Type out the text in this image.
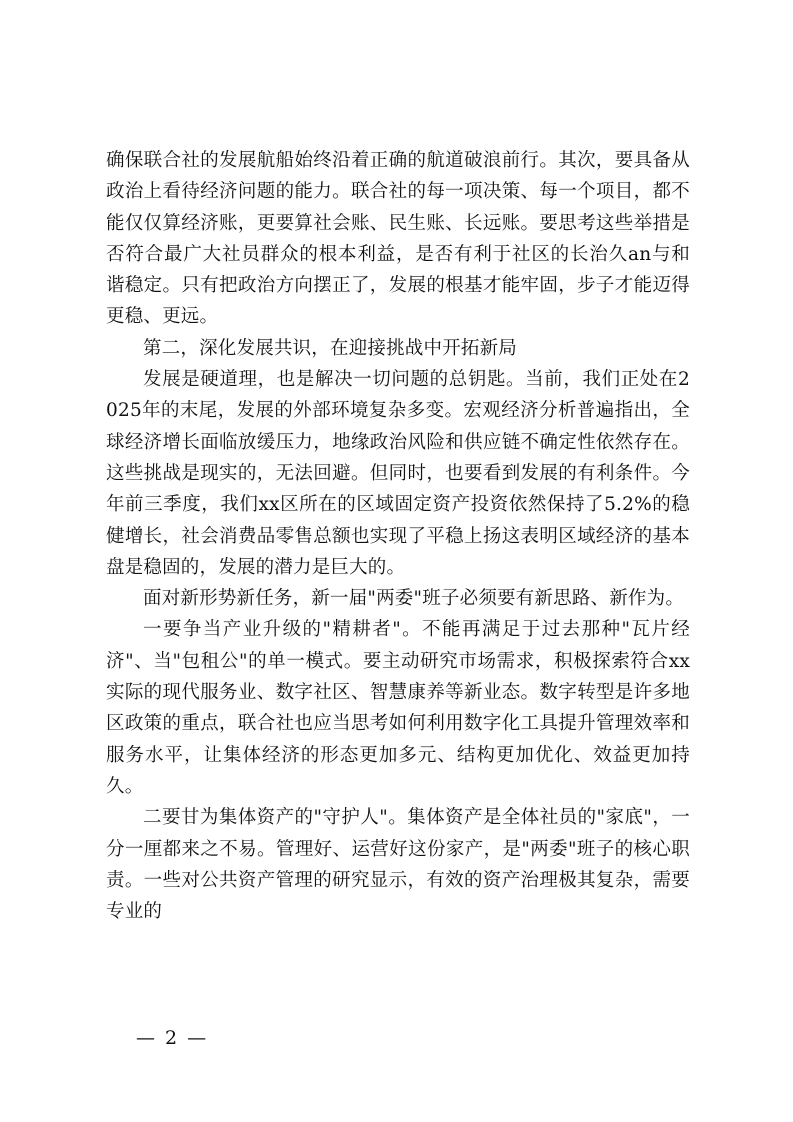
确保联合社的发展航船始终沿着正确的航道破浪前行。其次，要具备从政治上看待经济问题的能力。联合社的每一项决策、每一个项目，都不能仅仅算经济账，更要算社会账、民生账、长远账。要思考这些举措是否符合最广大社员群众的根本利益，是否有利于社区的长治久an与和谐稳定。只有把政治方向摆正了，发展的根基才能牢固，步子才能迈得更稳、更远。

第二，深化发展共识，在迎接挑战中开拓新局

发展是硬道理，也是解决一切问题的总钥匙。当前，我们正处在2025年的末尾，发展的外部环境复杂多变。宏观经济分析普遍指出，全球经济增长面临放缓压力，地缘政治风险和供应链不确定性依然存在。这些挑战是现实的，无法回避。但同时，也要看到发展的有利条件。今年前三季度，我们xx区所在的区域固定资产投资依然保持了5.2%的稳健增长，社会消费品零售总额也实现了平稳上扬这表明区域经济的基本盘是稳固的，发展的潜力是巨大的。

面对新形势新任务，新一届"两委"班子必须要有新思路、新作为。

一要争当产业升级的"精耕者"。不能再满足于过去那种"瓦片经济"、当"包租公"的单一模式。要主动研究市场需求，积极探索符合xx实际的现代服务业、数字社区、智慧康养等新业态。数字转型是许多地区政策的重点，联合社也应当思考如何利用数字化工具提升管理效率和服务水平，让集体经济的形态更加多元、结构更加优化、效益更加持久。

二要甘为集体资产的"守护人"。集体资产是全体社员的"家底"，一分一厘都来之不易。管理好、运营好这份家产，是"两委"班子的核心职责。一些对公共资产管理的研究显示，有效的资产治理极其复杂，需要专业的

— 2 —
